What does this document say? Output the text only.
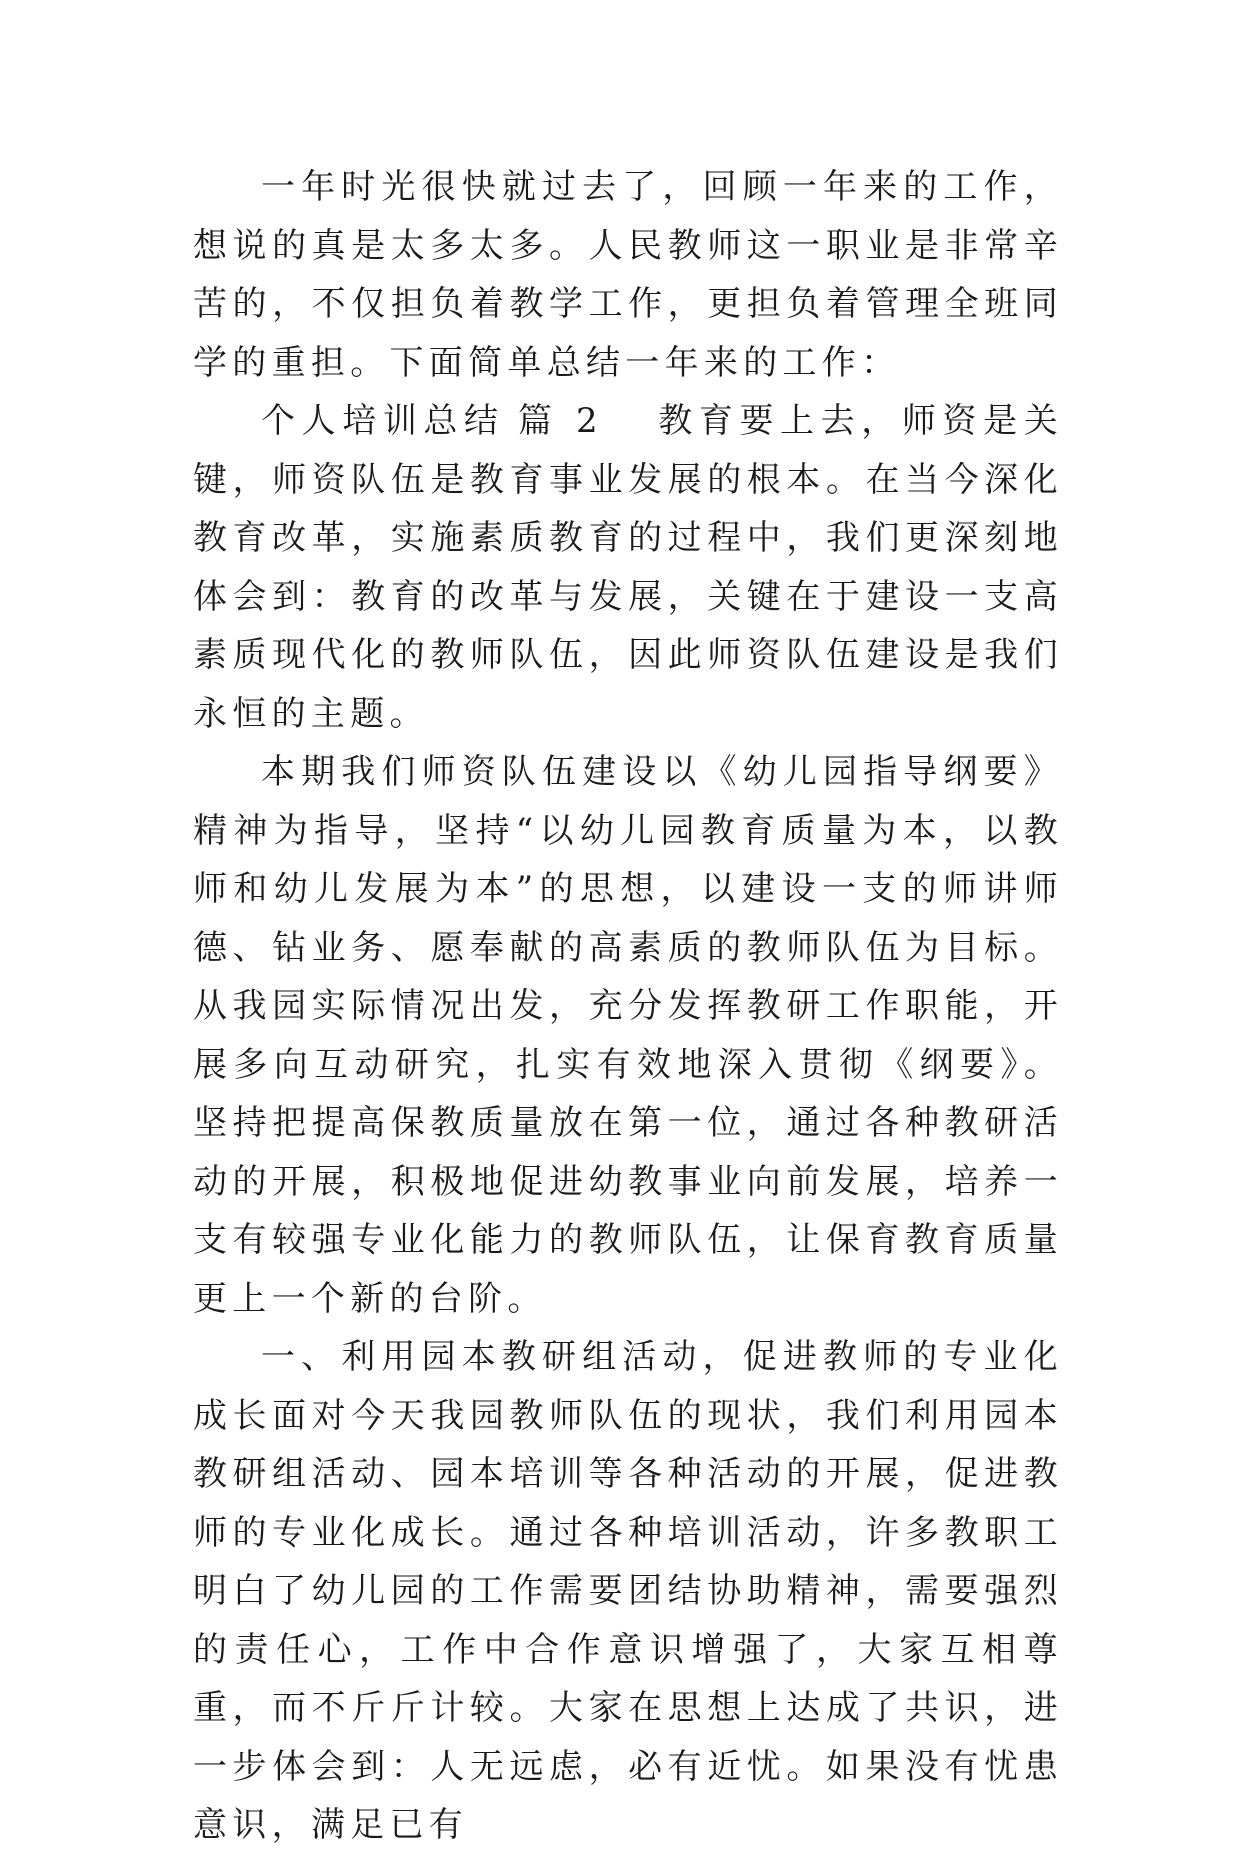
一年时光很快就过去了，回顾一年来的工作，想说的真是太多太多。人民教师这一职业是非常辛苦的，不仅担负着教学工作，更担负着管理全班同学的重担。下面简单总结一年来的工作：

个人培训总结 篇 2 教育要上去，师资是关键，师资队伍是教育事业发展的根本。在当今深化教育改革，实施素质教育的过程中，我们更深刻地体会到：教育的改革与发展，关键在于建设一支高素质现代化的教师队伍，因此师资队伍建设是我们永恒的主题。

本期我们师资队伍建设以《幼儿园指导纲要》精神为指导，坚持“以幼儿园教育质量为本，以教师和幼儿发展为本”的思想，以建设一支的师讲师德、钻业务、愿奉献的高素质的教师队伍为目标。从我园实际情况出发，充分发挥教研工作职能，开展多向互动研究，扎实有效地深入贯彻《纲要》。坚持把提高保教质量放在第一位，通过各种教研活动的开展，积极地促进幼教事业向前发展，培养一支有较强专业化能力的教师队伍，让保育教育质量更上一个新的台阶。

一、利用园本教研组活动，促进教师的专业化成长面对今天我园教师队伍的现状，我们利用园本教研组活动、园本培训等各种活动的开展，促进教师的专业化成长。通过各种培训活动，许多教职工明白了幼儿园的工作需要团结协助精神，需要强烈的责任心，工作中合作意识增强了，大家互相尊重，而不斤斤计较。大家在思想上达成了共识，进一步体会到：人无远虑，必有近忧。如果没有忧患意识，满足已有
